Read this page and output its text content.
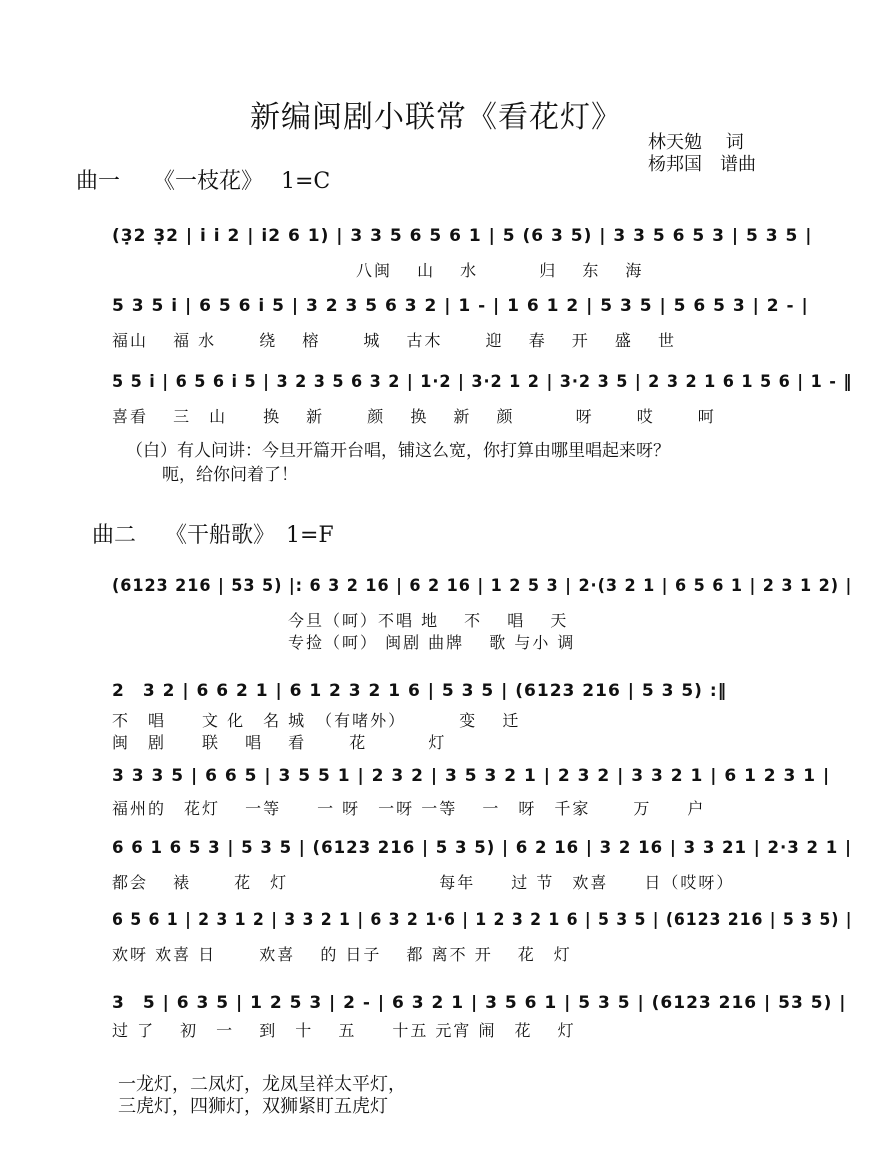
新编闽剧小联常《看花灯》
林天勉　 词
杨邦国　谱曲
曲一　　《一枝花》　 1=C
(3̣2 3̣2 | i i 2 | i2 6 1) | 3 3 5 6 5 6 1 | 5 (6 3 5) | 3 3 5 6 5 3 | 5 3 5 |
八闽　 山　 水　　　 归　 东　 海
5 3 5 i | 6 5 6 i 5 | 3 2 3 5 6 3 2 | 1 - | 1 6 1 2 | 5 3 5 | 5 6 5 3 | 2 - |
福山　 福 水　　 绕　 榕　　 城　 古木　　 迎　 春　 开　 盛　 世
5 5 i | 6 5 6 i 5 | 3 2 3 5 6 3 2 | 1·2 | 3·2 1 2 | 3·2 3 5 | 2 3 2 1 6 1 5 6 | 1 - ‖
喜看　 三　山　　换　 新　　 颜　 换　 新　 颜　　　 呀　　 哎　　 呵
（白）有人问讲：今旦开篇开台唱，铺这么宽，你打算由哪里唱起来呀？
呃，给你问着了！
曲二　 《干船歌》　1=F
(6123 216 | 53 5) |: 6 3 2 16 | 6 2 16 | 1 2 5 3 | 2·(3 2 1 | 6 5 6 1 | 2 3 1 2) |
今旦（呵）不唱 地　 不　 唱　 天
专捡（呵） 闽剧 曲牌　 歌 与小 调
2　3 2 | 6 6 2 1 | 6 1 2 3 2 1 6 | 5 3 5 | (6123 216 | 5 3 5) :‖
不　唱　　文 化　名 城　（有啫外）　　　 变　 迁
闽　剧　　联　 唱　 看　　 花　　　 灯
3 3 3 5 | 6 6 5 | 3 5 5 1 | 2 3 2 | 3 5 3 2 1 | 2 3 2 | 3 3 2 1 | 6 1 2 3 1 |
福州的　花灯　 一等　　一 呀　一呀 一等　 一　呀　千家　　 万　　户
6 6 1 6 5 3 | 5 3 5 | (6123 216 | 5 3 5) | 6 2 16 | 3 2 16 | 3 3 21 | 2·3 2 1 |
都会　 裱　　 花　灯　　　　　　　　 每年　　过 节　欢喜　　日（哎呀）
6 5 6 1 | 2 3 1 2 | 3 3 2 1 | 6 3 2 1·6 | 1 2 3 2 1 6 | 5 3 5 | (6123 216 | 5 3 5) |
欢呀 欢喜 日　　 欢喜　 的 日子　 都 离不 开　 花　灯
3　5 | 6 3 5 | 1 2 5 3 | 2 - | 6 3 2 1 | 3 5 6 1 | 5 3 5 | (6123 216 | 53 5) |
过 了　 初　一　 到　十　 五　　十五 元宵 闹　花　 灯
一龙灯，二凤灯，龙凤呈祥太平灯，
三虎灯，四狮灯，双狮紧盯五虎灯
